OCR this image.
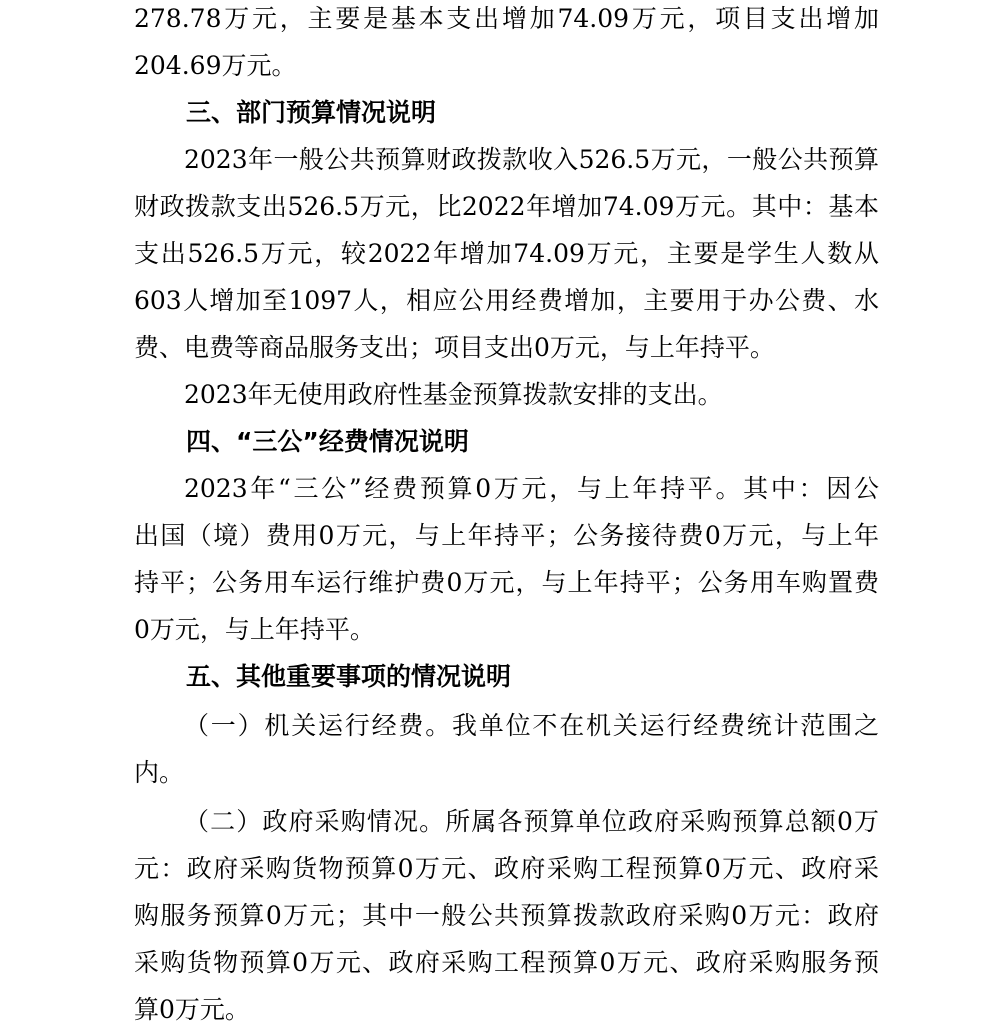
278.78万元，主要是基本支出增加74.09万元，项目支出增加
204.69万元。
三、部门预算情况说明
2023年一般公共预算财政拨款收入526.5万元，一般公共预算
财政拨款支出526.5万元，比2022年增加74.09万元。其中：基本
支出526.5万元，较2022年增加74.09万元，主要是学生人数从
603人增加至1097人，相应公用经费增加，主要用于办公费、水
费、电费等商品服务支出；项目支出0万元，与上年持平。
2023年无使用政府性基金预算拨款安排的支出。
四、“三公”经费情况说明
2023年“三公”经费预算0万元，与上年持平。其中：因公
出国（境）费用0万元，与上年持平；公务接待费0万元，与上年
持平；公务用车运行维护费0万元，与上年持平；公务用车购置费
0万元，与上年持平。
五、其他重要事项的情况说明
（一）机关运行经费。我单位不在机关运行经费统计范围之
内。
（二）政府采购情况。所属各预算单位政府采购预算总额0万
元：政府采购货物预算0万元、政府采购工程预算0万元、政府采
购服务预算0万元；其中一般公共预算拨款政府采购0万元：政府
采购货物预算0万元、政府采购工程预算0万元、政府采购服务预
算0万元。
